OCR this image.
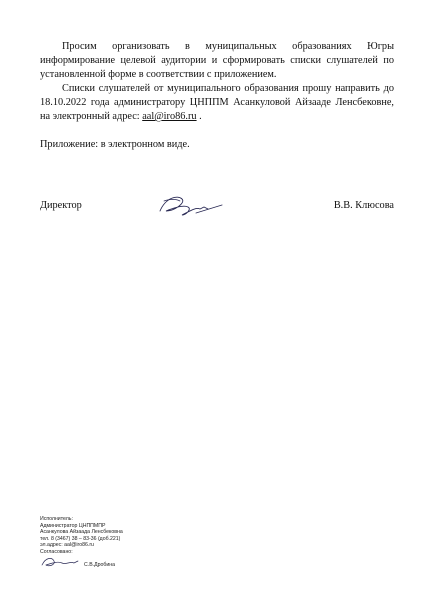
Просим организовать в муниципальных образованиях Югры информирование целевой аудитории и сформировать списки слушателей по установленной форме в соответствии с приложением.
Списки слушателей от муниципального образования прошу направить до 18.10.2022 года администратору ЦНППМ Асанкуловой Айзааде Ленсбековне, на электронный адрес: aal@iro86.ru .
Приложение: в электронном виде.
Директор	В.В. Клюсова
Исполнитель:
Администратор ЦНППМПР
Асанкулова Айзаада Ленсбековна
тел. 8 (3467) 38 – 83-36 (доб.221)
эл.адрес: aal@iro86.ru
Согласовано:
С.В.Дробина
